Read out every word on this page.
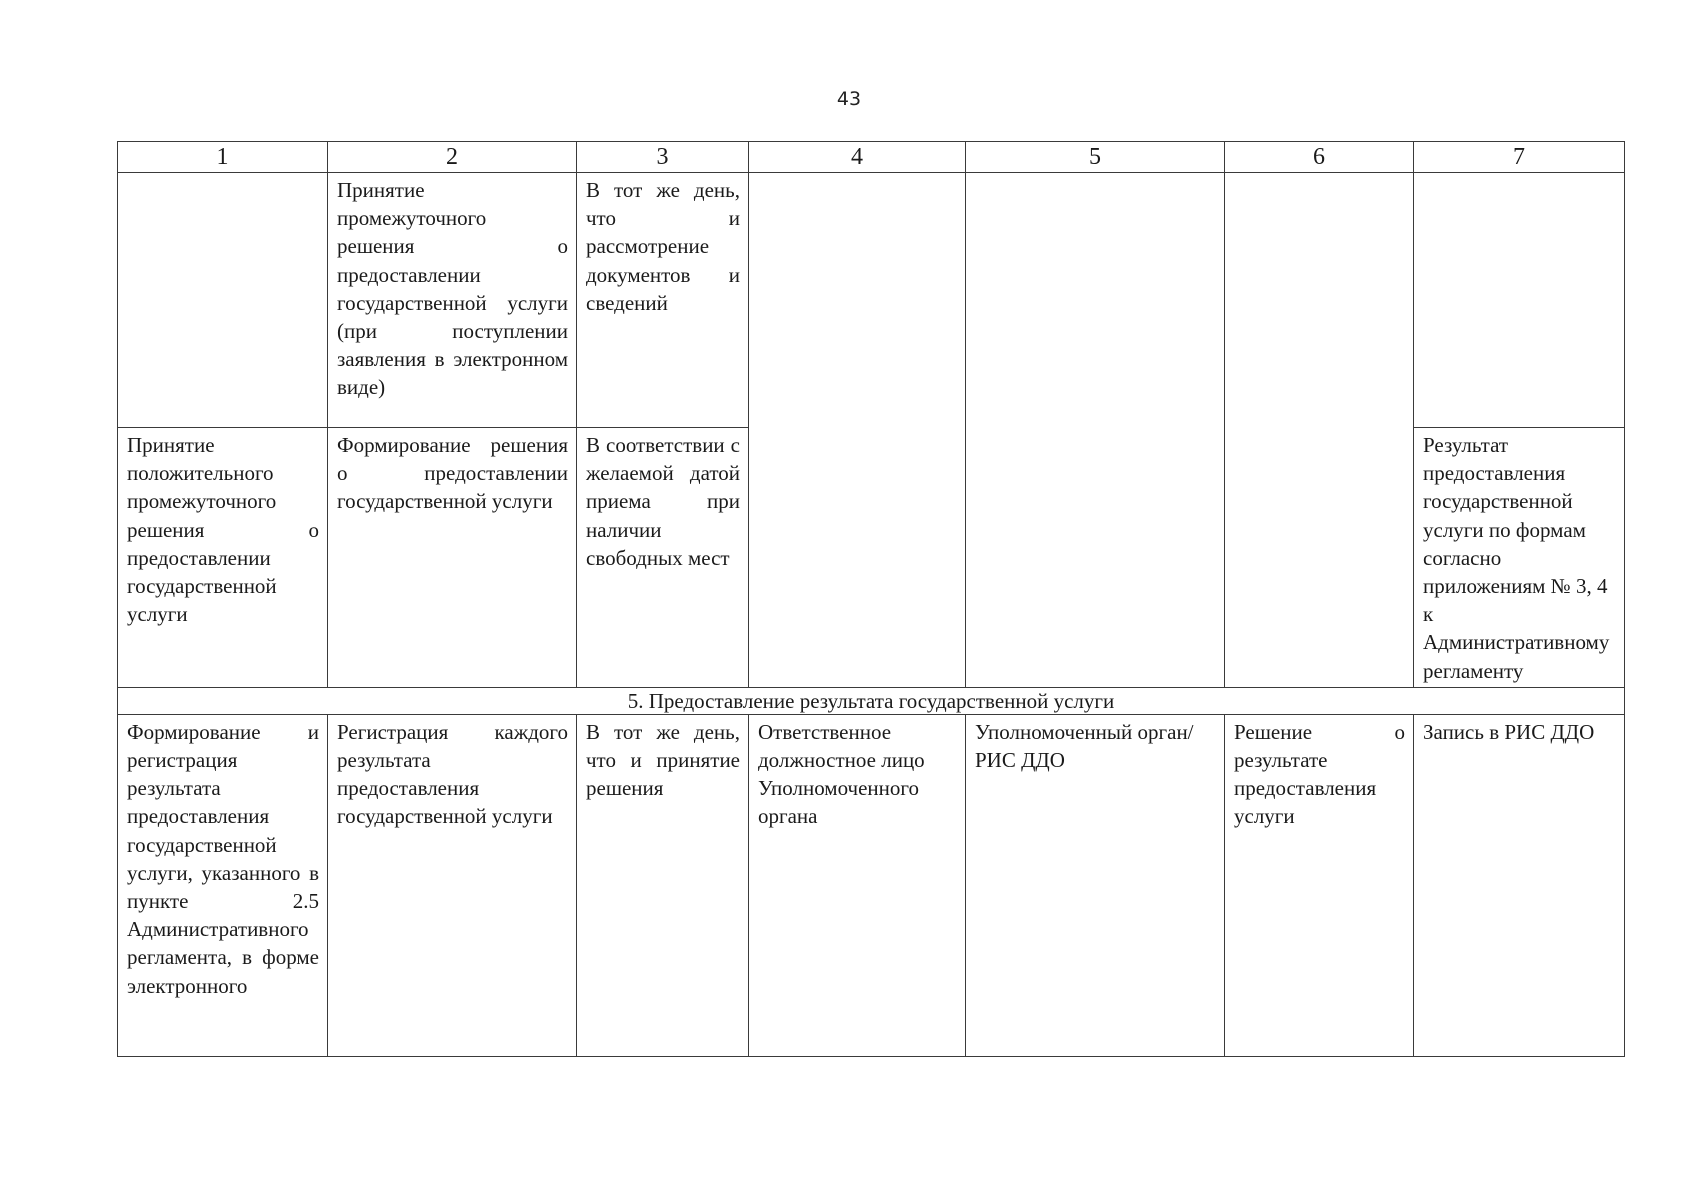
43
1	2	3	4	5	6	7

	Принятие промежуточного решения о предоставлении государственной услуги (при поступлении заявления в электронном виде)	В тот же день, что и рассмотрение документов и сведений				

Принятие положительного промежуточного решения о предоставлении государственной услуги	Формирование решения о предоставлении государственной услуги	В соответствии с желаемой датой приема при наличии свободных мест				Результат предоставления государственной услуги по формам согласно приложениям № 3, 4 к Административному регламенту

5. Предоставление результата государственной услуги						

Формирование и регистрация результата предоставления государственной услуги, указанного в пункте 2.5 Административного регламента, в форме электронного	Регистрация каждого результата предоставления государственной услуги	В тот же день, что и принятие решения	Ответственное должностное лицо Уполномоченного органа	Уполномоченный орган/РИС ДДО	Решение о результате предоставления услуги	Запись в РИС ДДО
